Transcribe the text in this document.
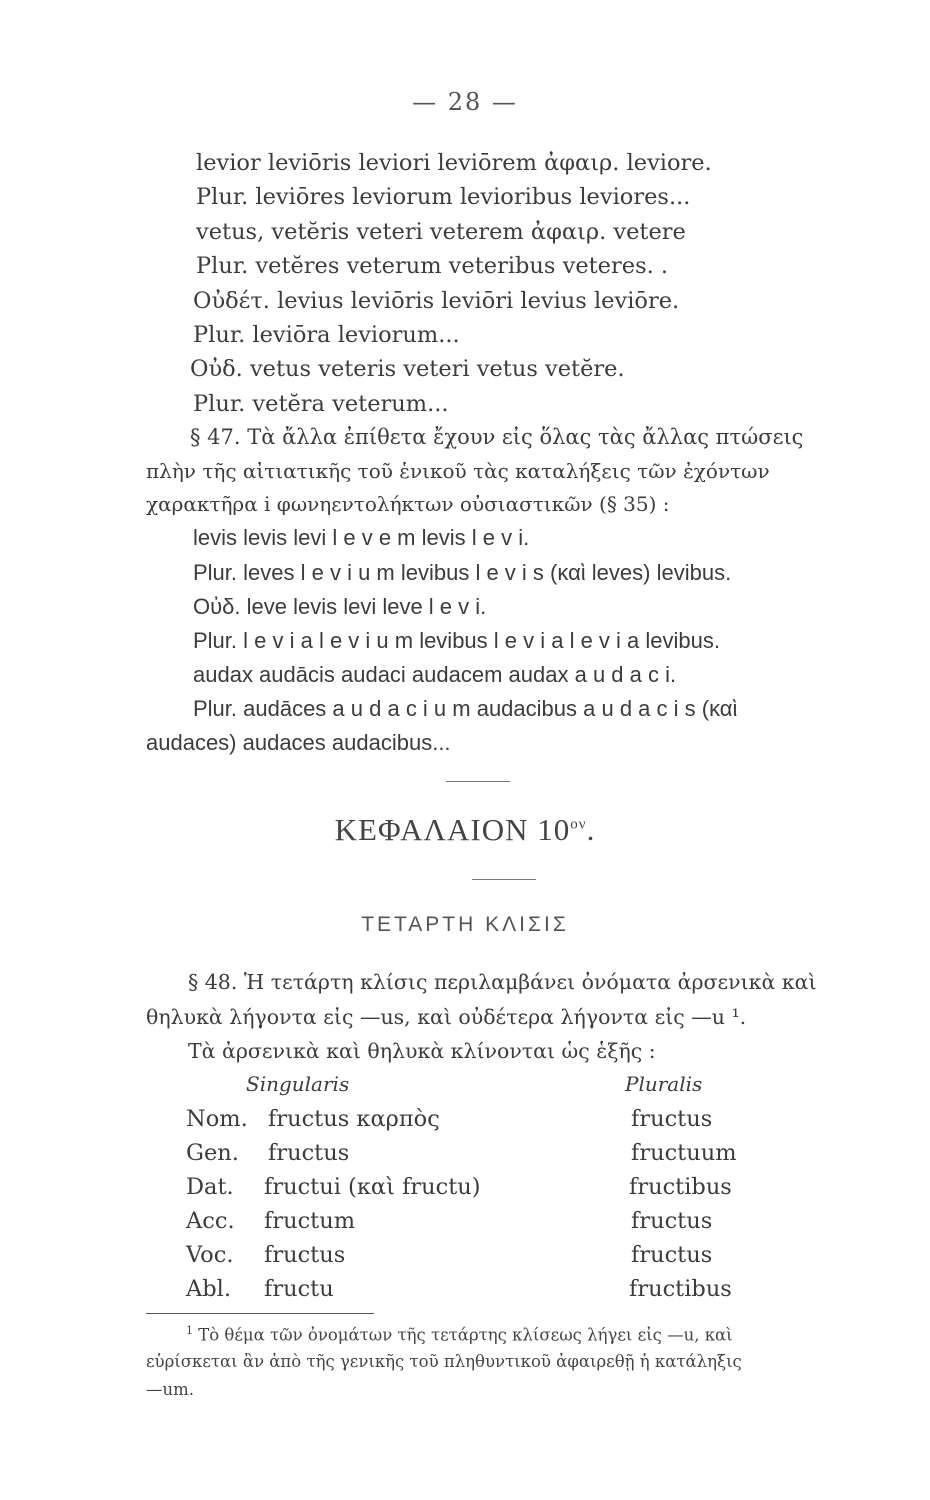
— 28 —
levior leviōris leviori leviōrem ἀφαιρ. leviore.
Plur. leviōres leviorum levioribus leviores...
vetus, vetĕris veteri veterem ἀφαιρ. vetere
Plur. vetĕres veterum veteribus veteres. .
Οὐδέτ. levius leviōris leviōri levius leviōre.
Plur. leviōra leviorum...
Οὐδ. vetus veteris veteri vetus vetĕre.
Plur. vetĕra veterum...
§ 47. Τὰ ἄλλα ἐπίθετα ἔχουν εἰς ὅλας τὰς ἄλλας πτώσεις
πλὴν τῆς αἰτιατικῆς τοῦ ἑνικοῦ τὰς καταλήξεις τῶν ἐχόντων
χαρακτῆρα i φωνηεντολήκτων οὐσιαστικῶν (§ 35) :
levis levis levi l e v e m levis l e v i.
Plur. leves l e v i u m levibus l e v i s (καὶ leves) levibus.
Οὐδ. leve levis levi leve l e v i.
Plur. l e v i a l e v i u m levibus l e v i a l e v i a levibus.
audax audācis audaci audacem audax a u d a c i.
Plur. audāces a u d a c i u m audacibus a u d a c i s (καὶ
audaces) audaces audacibus...
ΚΕΦΑΛΑΙΟΝ $10^{o\nu}$.
ΤΕΤΑΡΤΗ ΚΛΙΣΙΣ
§ 48. Ἡ τετάρτη κλίσις περιλαμβάνει ὀνόματα ἀρσενικὰ καὶ
θηλυκὰ λήγοντα εἰς —us, καὶ οὐδέτερα λήγοντα εἰς —u ¹.
Τὰ ἀρσενικὰ καὶ θηλυκὰ κλίνονται ὡς ἑξῆς :
Singularis	Pluralis
Nom. fructus καρπὸς	fructus
Gen. fructus	fructuum
Dat. fructui (καὶ fructu)	fructibus
Acc. fructum	fructus
Voc. fructus	fructus
Abl. fructu	fructibus
$^1$ Τὸ θέμα τῶν ὀνομάτων τῆς τετάρτης κλίσεως λήγει εἰς —u, καὶ
εὑρίσκεται ἂν ἀπὸ τῆς γενικῆς τοῦ πληθυντικοῦ ἀφαιρεθῇ ἡ κατάληξις
—um.
